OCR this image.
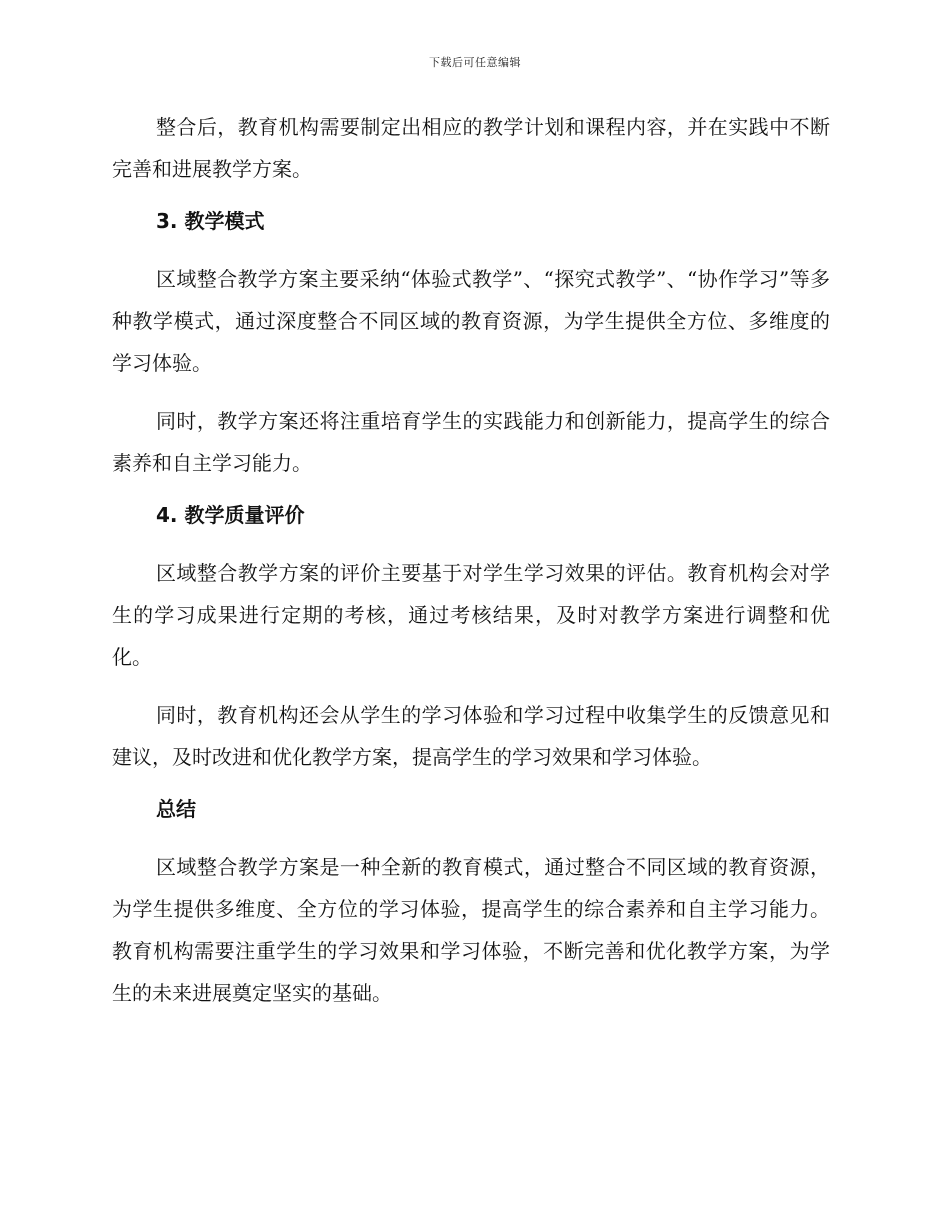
下载后可任意编辑

整合后，教育机构需要制定出相应的教学计划和课程内容，并在实践中不断完善和进展教学方案。

3. 教学模式

区域整合教学方案主要采纳“体验式教学”、“探究式教学”、“协作学习”等多种教学模式，通过深度整合不同区域的教育资源，为学生提供全方位、多维度的学习体验。

同时，教学方案还将注重培育学生的实践能力和创新能力，提高学生的综合素养和自主学习能力。

4. 教学质量评价

区域整合教学方案的评价主要基于对学生学习效果的评估。教育机构会对学生的学习成果进行定期的考核，通过考核结果，及时对教学方案进行调整和优化。

同时，教育机构还会从学生的学习体验和学习过程中收集学生的反馈意见和建议，及时改进和优化教学方案，提高学生的学习效果和学习体验。

总结

区域整合教学方案是一种全新的教育模式，通过整合不同区域的教育资源，为学生提供多维度、全方位的学习体验，提高学生的综合素养和自主学习能力。教育机构需要注重学生的学习效果和学习体验，不断完善和优化教学方案，为学生的未来进展奠定坚实的基础。
